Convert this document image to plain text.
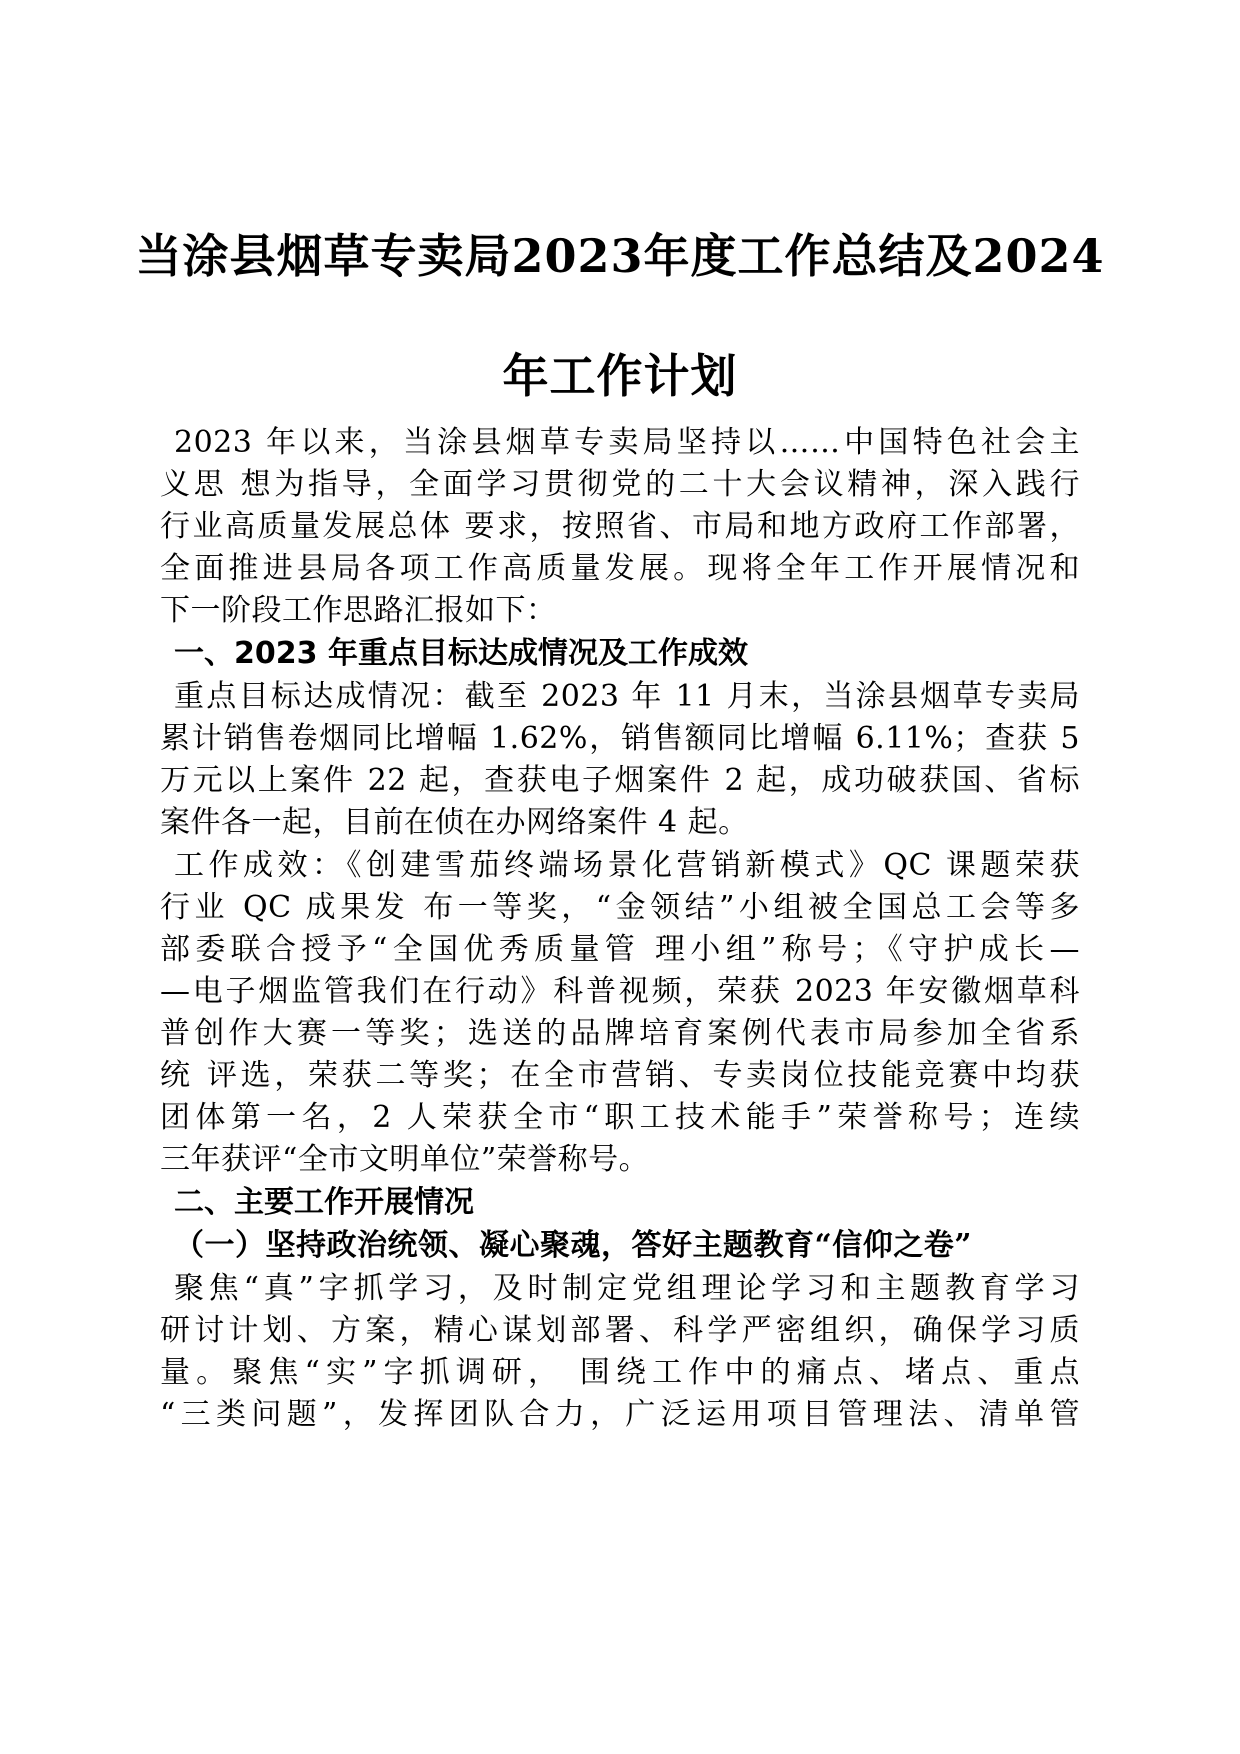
当涂县烟草专卖局2023年度工作总结及2024
年工作计划
2023 年以来，当涂县烟草专卖局坚持以……中国特色社会主
义思 想为指导，全面学习贯彻党的二十大会议精神，深入践行
行业高质量发展总体 要求，按照省、市局和地方政府工作部署，
全面推进县局各项工作高质量发展。现将全年工作开展情况和
下一阶段工作思路汇报如下：
一、2023 年重点目标达成情况及工作成效
重点目标达成情况：截至 2023 年 11 月末，当涂县烟草专卖局
累计销售卷烟同比增幅 1.62%，销售额同比增幅 6.11%；查获 5
万元以上案件 22 起，查获电子烟案件 2 起，成功破获国、省标
案件各一起，目前在侦在办网络案件 4 起。
工作成效：《创建雪茄终端场景化营销新模式》QC 课题荣获
行业 QC 成果发 布一等奖，“金领结”小组被全国总工会等多
部委联合授予“全国优秀质量管 理小组”称号；《守护成长—
—电子烟监管我们在行动》科普视频，荣获 2023 年安徽烟草科
普创作大赛一等奖；选送的品牌培育案例代表市局参加全省系
统 评选，荣获二等奖；在全市营销、专卖岗位技能竞赛中均获
团体第一名，2 人荣获全市“职工技术能手”荣誉称号；连续
三年获评“全市文明单位”荣誉称号。
二、主要工作开展情况
（一）坚持政治统领、凝心聚魂，答好主题教育“信仰之卷”
聚焦“真”字抓学习，及时制定党组理论学习和主题教育学习
研讨计划、方案，精心谋划部署、科学严密组织，确保学习质
量。聚焦“实”字抓调研， 围绕工作中的痛点、堵点、重点
“三类问题”，发挥团队合力，广泛运用项目管理法、清单管
